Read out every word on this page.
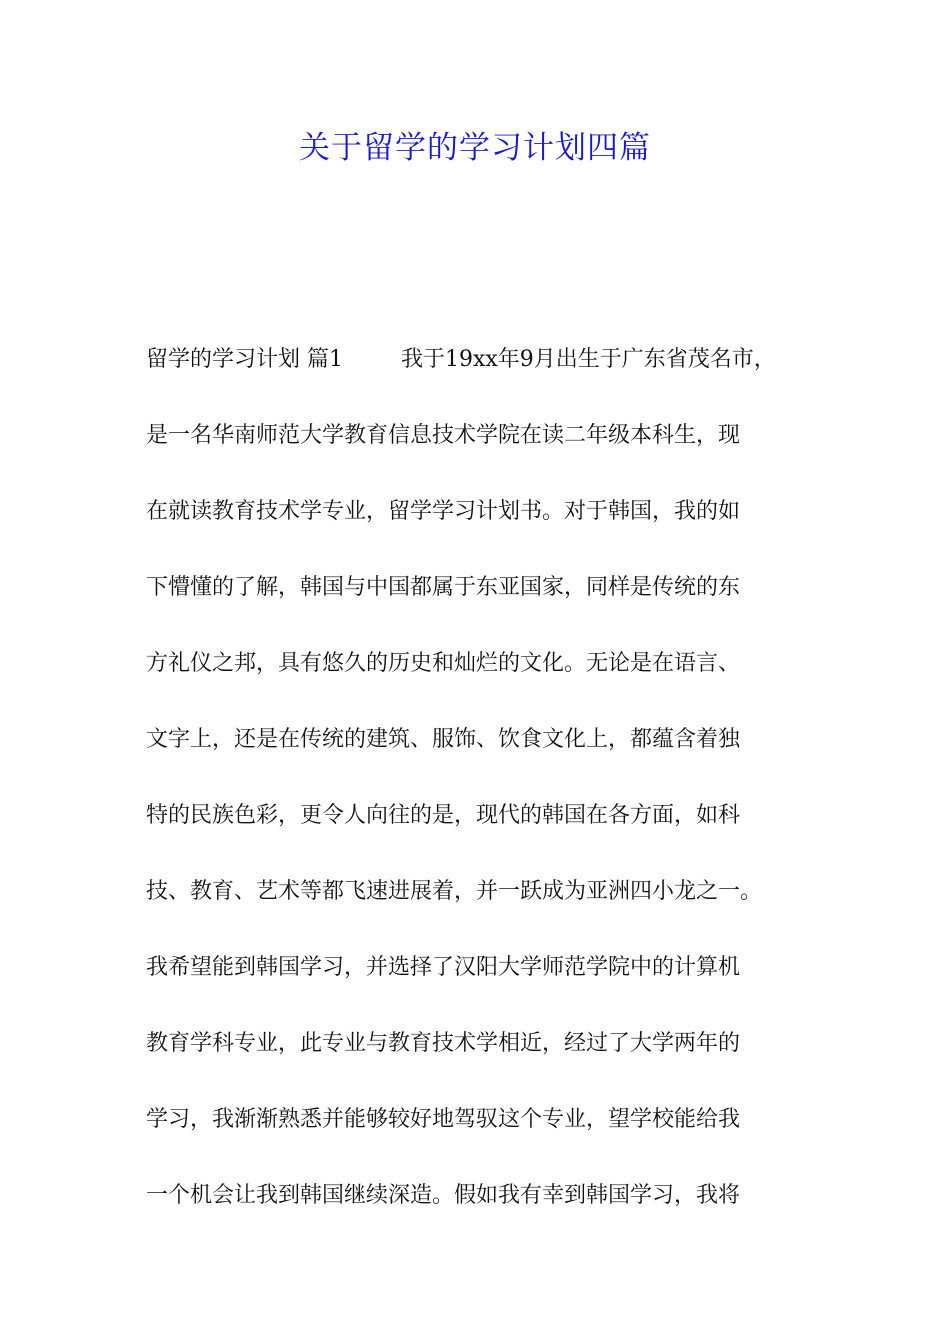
关于留学的学习计划四篇
留学的学习计划 篇1	我于19xx年9月出生于广东省茂名市，
是一名华南师范大学教育信息技术学院在读二年级本科生，现
在就读教育技术学专业，留学学习计划书。对于韩国，我的如
下懵懂的了解，韩国与中国都属于东亚国家，同样是传统的东
方礼仪之邦，具有悠久的历史和灿烂的文化。无论是在语言、
文字上，还是在传统的建筑、服饰、饮食文化上，都蕴含着独
特的民族色彩，更令人向往的是，现代的韩国在各方面，如科
技、教育、艺术等都飞速进展着，并一跃成为亚洲四小龙之一。
我希望能到韩国学习，并选择了汉阳大学师范学院中的计算机
教育学科专业，此专业与教育技术学相近，经过了大学两年的
学习，我渐渐熟悉并能够较好地驾驭这个专业，望学校能给我
一个机会让我到韩国继续深造。假如我有幸到韩国学习，我将
